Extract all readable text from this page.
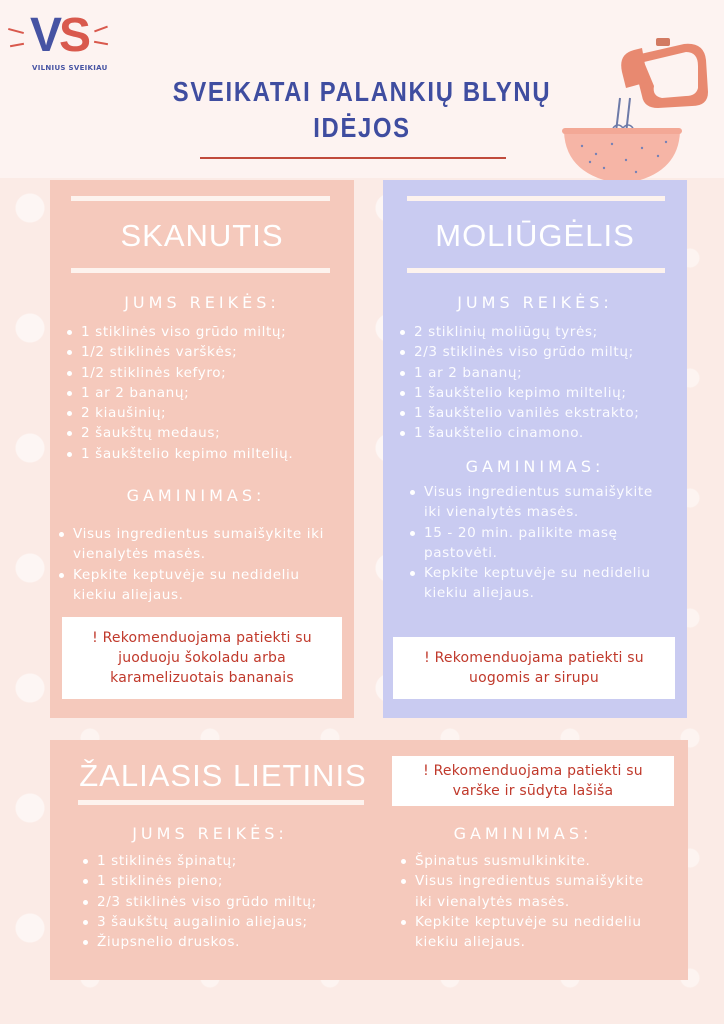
VS
VILNIUS SVEIKIAU
SVEIKATAI PALANKIŲ BLYNŲ IDĖJOS
SKANUTIS
JUMS REIKĖS:
1 stiklinės viso grūdo miltų;
1/2 stiklinės varškės;
1/2 stiklinės kefyro;
1 ar 2 bananų;
2 kiaušinių;
2 šaukštų medaus;
1 šaukštelio kepimo miltelių.
GAMINIMAS:
Visus ingredientus sumaišykite iki vienalytės masės.
Kepkite keptuvėje su nedideliu kiekiu aliejaus.
! Rekomenduojama patiekti su juoduoju šokoladu arba karamelizuotais bananais
MOLIŪGĖLIS
JUMS REIKĖS:
2 stiklinių moliūgų tyrės;
2/3 stiklinės viso grūdo miltų;
1 ar 2 bananų;
1 šaukštelio kepimo miltelių;
1 šaukštelio vanilės ekstrakto;
1 šaukštelio cinamono.
GAMINIMAS:
Visus ingredientus sumaišykite iki vienalytės masės.
15 - 20 min. palikite masę pastovėti.
Kepkite keptuvėje su nedideliu kiekiu aliejaus.
! Rekomenduojama patiekti su uogomis ar sirupu
ŽALIASIS LIETINIS	! Rekomenduojama patiekti su varške ir sūdyta lašiša
JUMS REIKĖS:
1 stiklinės špinatų;
1 stiklinės pieno;
2/3 stiklinės viso grūdo miltų;
3 šaukštų augalinio aliejaus;
Žiupsnelio druskos.
GAMINIMAS:
Špinatus susmulkinkite.
Visus ingredientus sumaišykite iki vienalytės masės.
Kepkite keptuvėje su nedideliu kiekiu aliejaus.
